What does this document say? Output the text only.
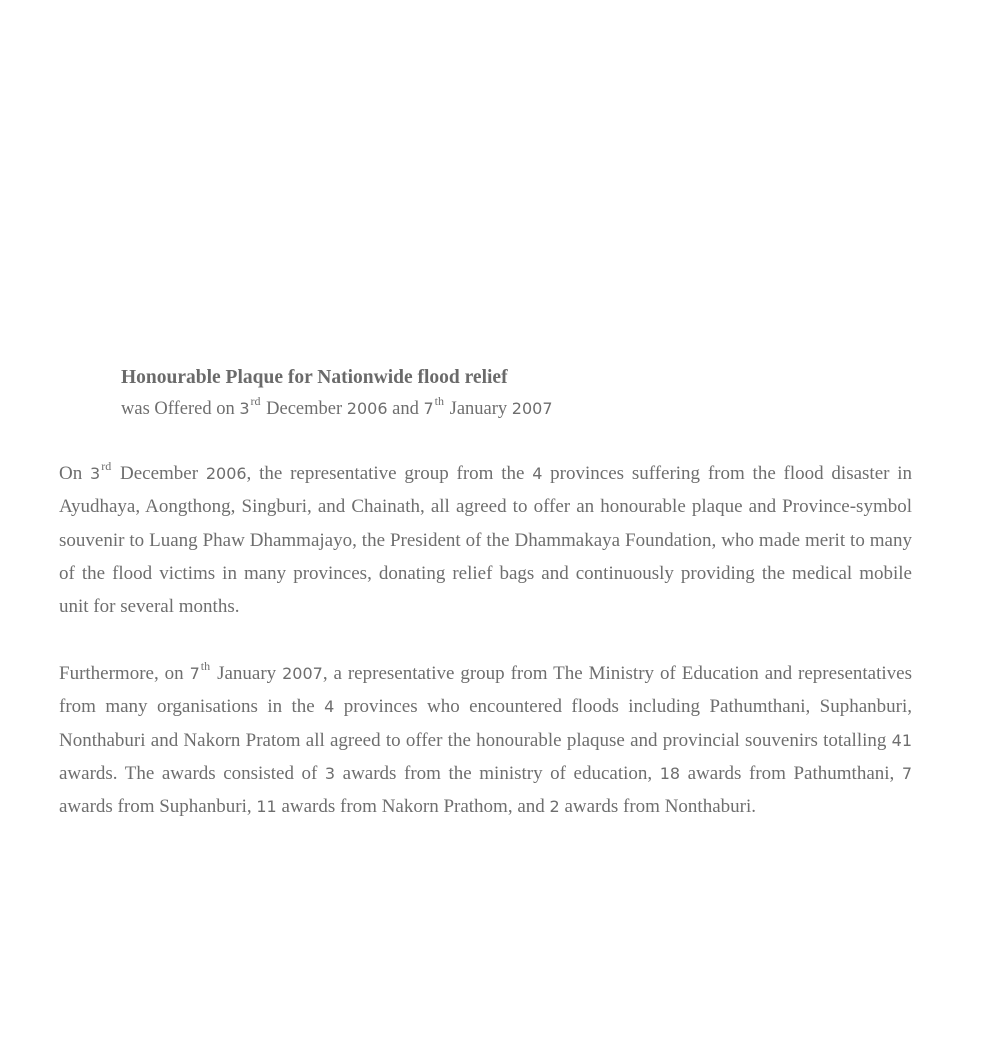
Honourable Plaque for Nationwide flood relief

was Offered on 3rd December 2006 and 7th January 2007

On 3rd December 2006, the representative group from the 4 provinces suffering from the flood disaster in Ayudhaya, Aongthong, Singburi, and Chainath, all agreed to offer an honourable plaque and Province-symbol souvenir to Luang Phaw Dhammajayo, the President of the Dhammakaya Foundation, who made merit to many of the flood victims in many provinces, donating relief bags and continuously providing the medical mobile unit for several months.

Furthermore, on 7th January 2007, a representative group from The Ministry of Education and representatives from many organisations in the 4 provinces who encountered floods including Pathumthani, Suphanburi, Nonthaburi and Nakorn Pratom all agreed to offer the honourable plaquse and provincial souvenirs totalling 41 awards. The awards consisted of 3 awards from the ministry of education, 18 awards from Pathumthani, 7 awards from Suphanburi, 11 awards from Nakorn Prathom, and 2 awards from Nonthaburi.
